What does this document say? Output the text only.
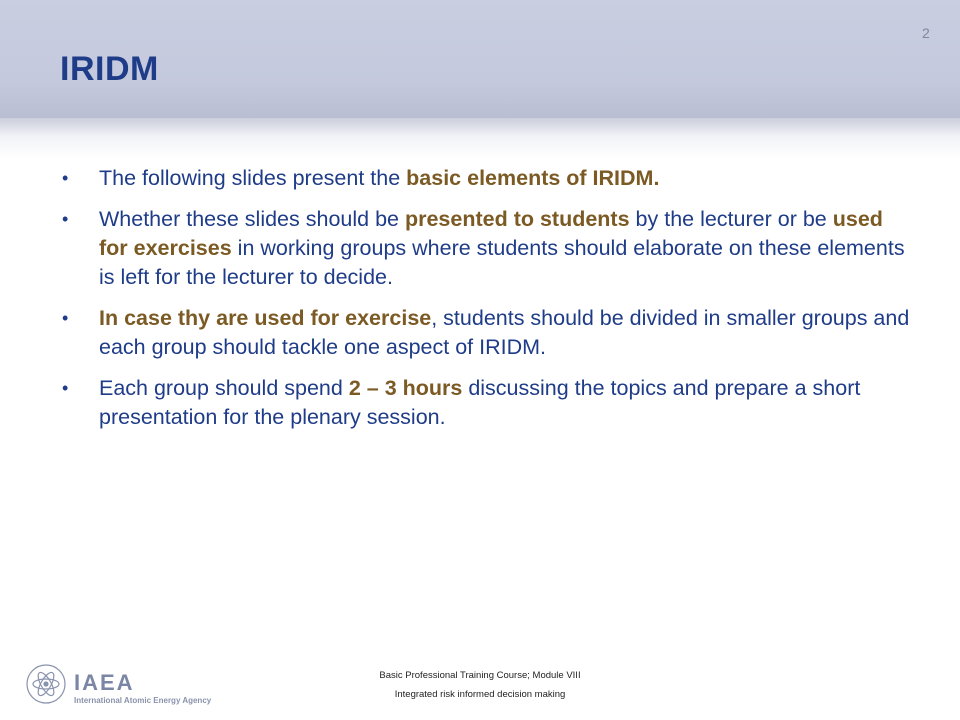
IRIDM
2
• The following slides present the basic elements of IRIDM.
• Whether these slides should be presented to students by the lecturer or be used for exercises in working groups where students should elaborate on these elements is left for the lecturer to decide.
• In case thy are used for exercise, students should be divided in smaller groups and each group should tackle one aspect of IRIDM.
• Each group should spend 2 – 3 hours discussing the topics and prepare a short presentation for the plenary session.
IAEA
International Atomic Energy Agency
Basic Professional Training Course; Module VIII
Integrated risk informed decision making
